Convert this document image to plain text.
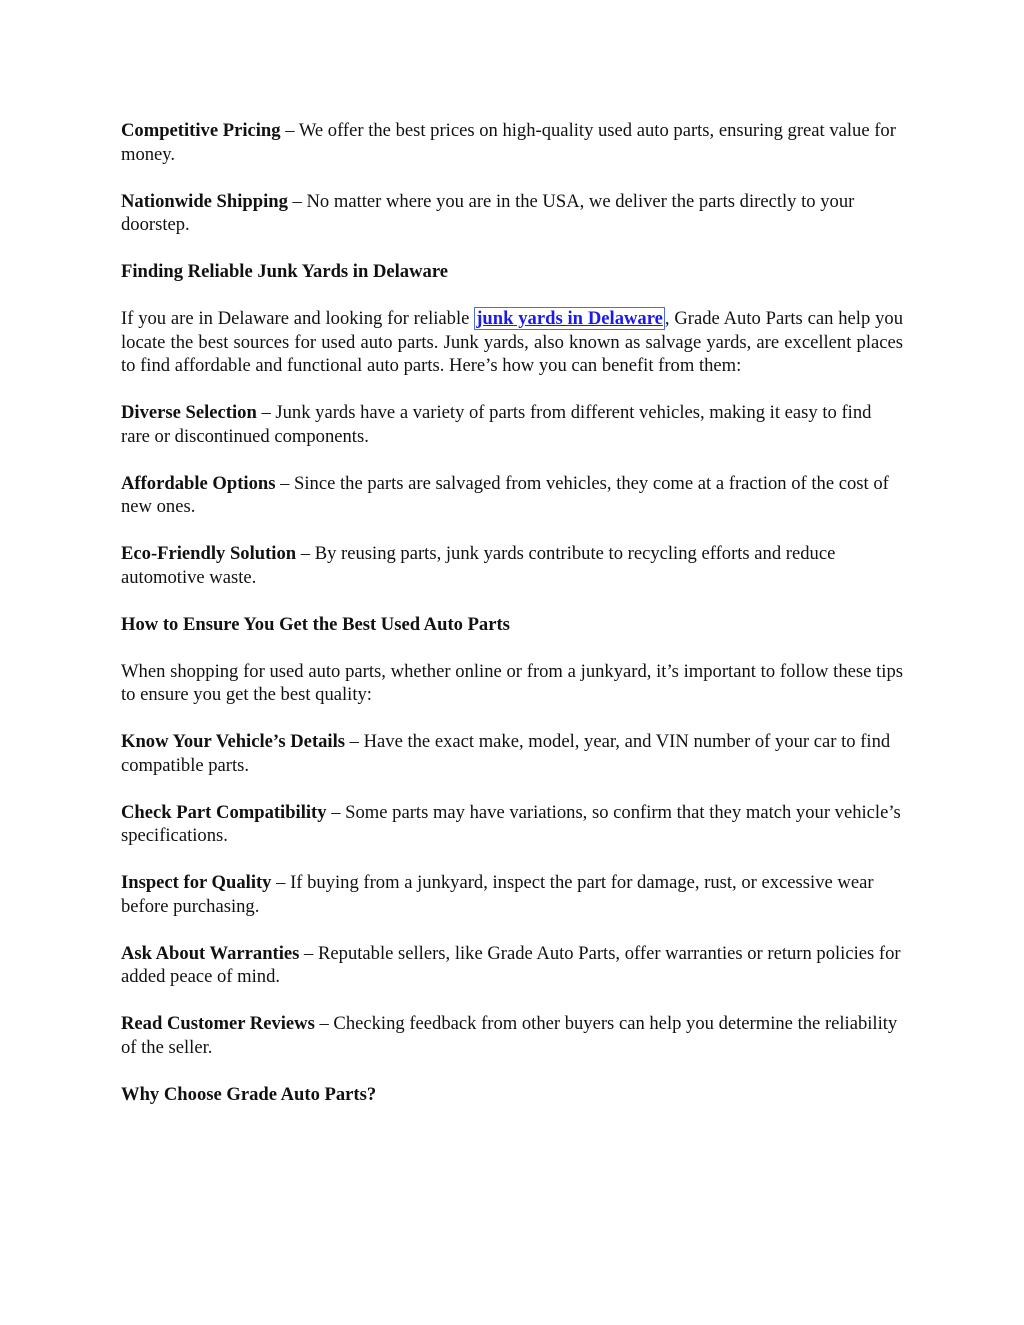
Competitive Pricing – We offer the best prices on high-quality used auto parts, ensuring great value for money.

Nationwide Shipping – No matter where you are in the USA, we deliver the parts directly to your doorstep.

Finding Reliable Junk Yards in Delaware

If you are in Delaware and looking for reliable junk yards in Delaware , Grade Auto Parts can help you locate the best sources for used auto parts. Junk yards, also known as salvage yards, are excellent places to find affordable and functional auto parts. Here’s how you can benefit from them:

Diverse Selection – Junk yards have a variety of parts from different vehicles, making it easy to find rare or discontinued components.

Affordable Options – Since the parts are salvaged from vehicles, they come at a fraction of the cost of new ones.

Eco-Friendly Solution – By reusing parts, junk yards contribute to recycling efforts and reduce automotive waste.

How to Ensure You Get the Best Used Auto Parts

When shopping for used auto parts, whether online or from a junkyard, it’s important to follow these tips to ensure you get the best quality:

Know Your Vehicle’s Details – Have the exact make, model, year, and VIN number of your car to find compatible parts.

Check Part Compatibility – Some parts may have variations, so confirm that they match your vehicle’s specifications.

Inspect for Quality – If buying from a junkyard, inspect the part for damage, rust, or excessive wear before purchasing.

Ask About Warranties – Reputable sellers, like Grade Auto Parts, offer warranties or return policies for added peace of mind.

Read Customer Reviews – Checking feedback from other buyers can help you determine the reliability of the seller.

Why Choose Grade Auto Parts?
